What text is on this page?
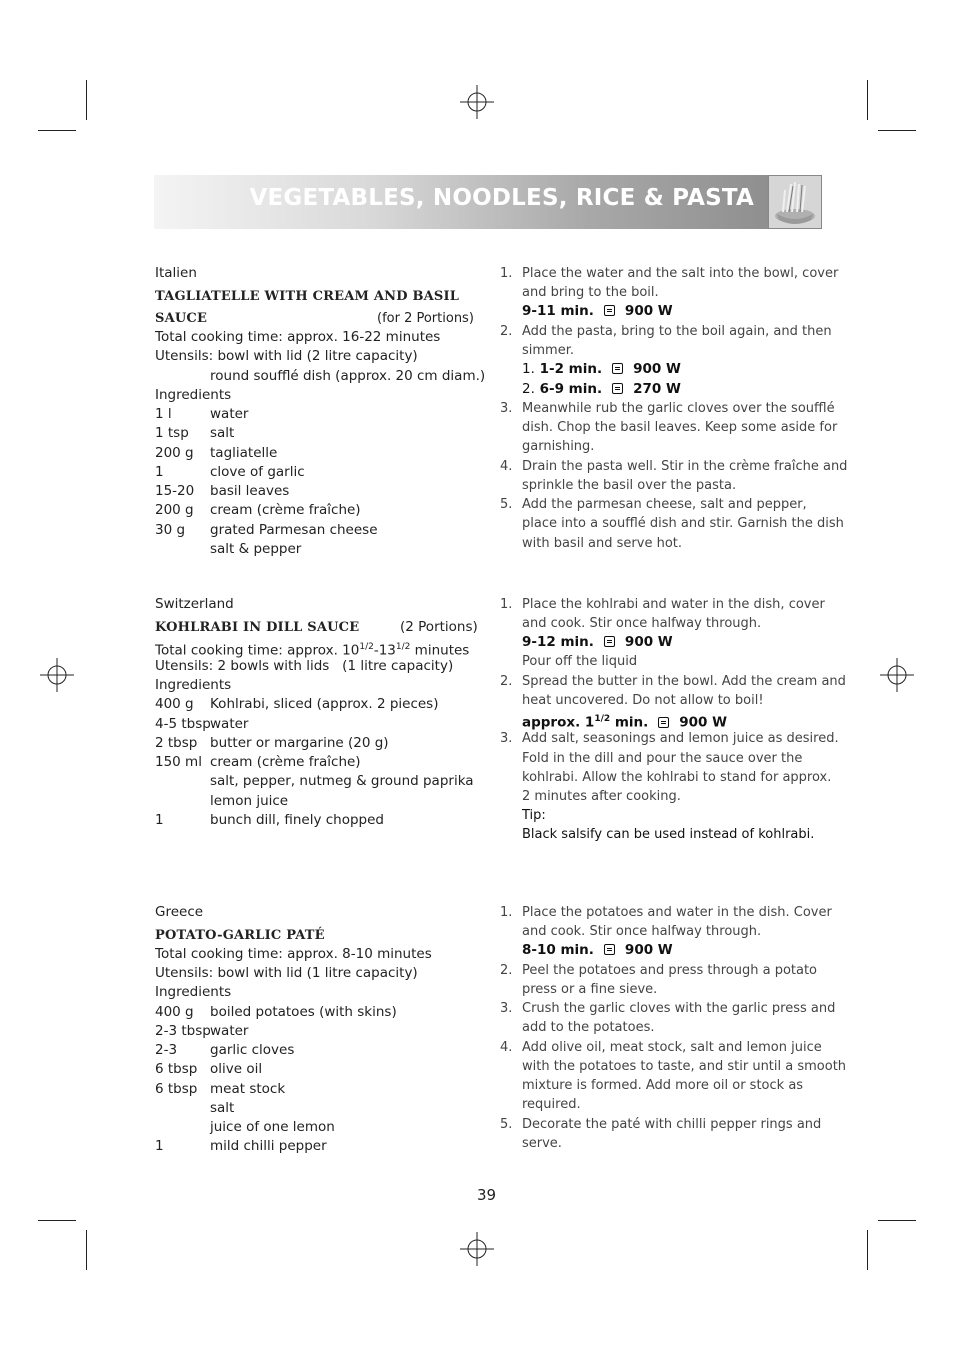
VEGETABLES, NOODLES, RICE & PASTA
Italien
TAGLIATELLE WITH CREAM AND BASIL
SAUCE	(for 2 Portions)
Total cooking time: approx. 16-22 minutes
Utensils: bowl with lid (2 litre capacity)
round soufflé dish (approx. 20 cm diam.)
Ingredients
1 l	water
1 tsp salt
200 g tagliatelle
1	clove of garlic
15-20 basil leaves
200 g cream (crème fraîche)
30 g grated Parmesan cheese
salt & pepper
1. Place the water and the salt into the bowl, cover
and bring to the boil.
9-11 min. 900 W
2. Add the pasta, bring to the boil again, and then
simmer.
1. 1-2 min. 900 W
2. 6-9 min. 270 W
3. Meanwhile rub the garlic cloves over the soufflé
dish. Chop the basil leaves. Keep some aside for
garnishing.
4. Drain the pasta well. Stir in the crème fraîche and
sprinkle the basil over the pasta.
5. Add the parmesan cheese, salt and pepper,
place into a soufflé dish and stir. Garnish the dish
with basil and serve hot.
Switzerland
KOHLRABI IN DILL SAUCE	(2 Portions)
Total cooking time: approx. $10^{1/2}-13^{1/2}$ minutes
Utensils: 2 bowls with lids   (1 litre capacity)
Ingredients
400 g Kohlrabi, sliced (approx. 2 pieces)
4-5 tbsp water
2 tbsp butter or margarine (20 g)
150 ml cream (crème fraîche)
salt, pepper, nutmeg & ground paprika
lemon juice
1	bunch dill, finely chopped
1. Place the kohlrabi and water in the dish, cover
and cook. Stir once halfway through.
9-12 min. 900 W
Pour off the liquid
2. Spread the butter in the bowl. Add the cream and
heat uncovered. Do not allow to boil!
approx. $1^{1/2}$ min. 900 W
3. Add salt, seasonings and lemon juice as desired.
Fold in the dill and pour the sauce over the
kohlrabi. Allow the kohlrabi to stand for approx.
2 minutes after cooking.
Tip:
Black salsify can be used instead of kohlrabi.
Greece
POTATO-GARLIC PATÉ
Total cooking time: approx. 8-10 minutes
Utensils: bowl with lid (1 litre capacity)
Ingredients
400 g boiled potatoes (with skins)
2-3 tbsp water
2-3 garlic cloves
6 tbsp olive oil
6 tbsp meat stock
salt
juice of one lemon
1	mild chilli pepper
1. Place the potatoes and water in the dish. Cover
and cook. Stir once halfway through.
8-10 min. 900 W
2. Peel the potatoes and press through a potato
press or a fine sieve.
3. Crush the garlic cloves with the garlic press and
add to the potatoes.
4. Add olive oil, meat stock, salt and lemon juice
with the potatoes to taste, and stir until a smooth
mixture is formed. Add more oil or stock as
required.
5. Decorate the paté with chilli pepper rings and
serve.
39
